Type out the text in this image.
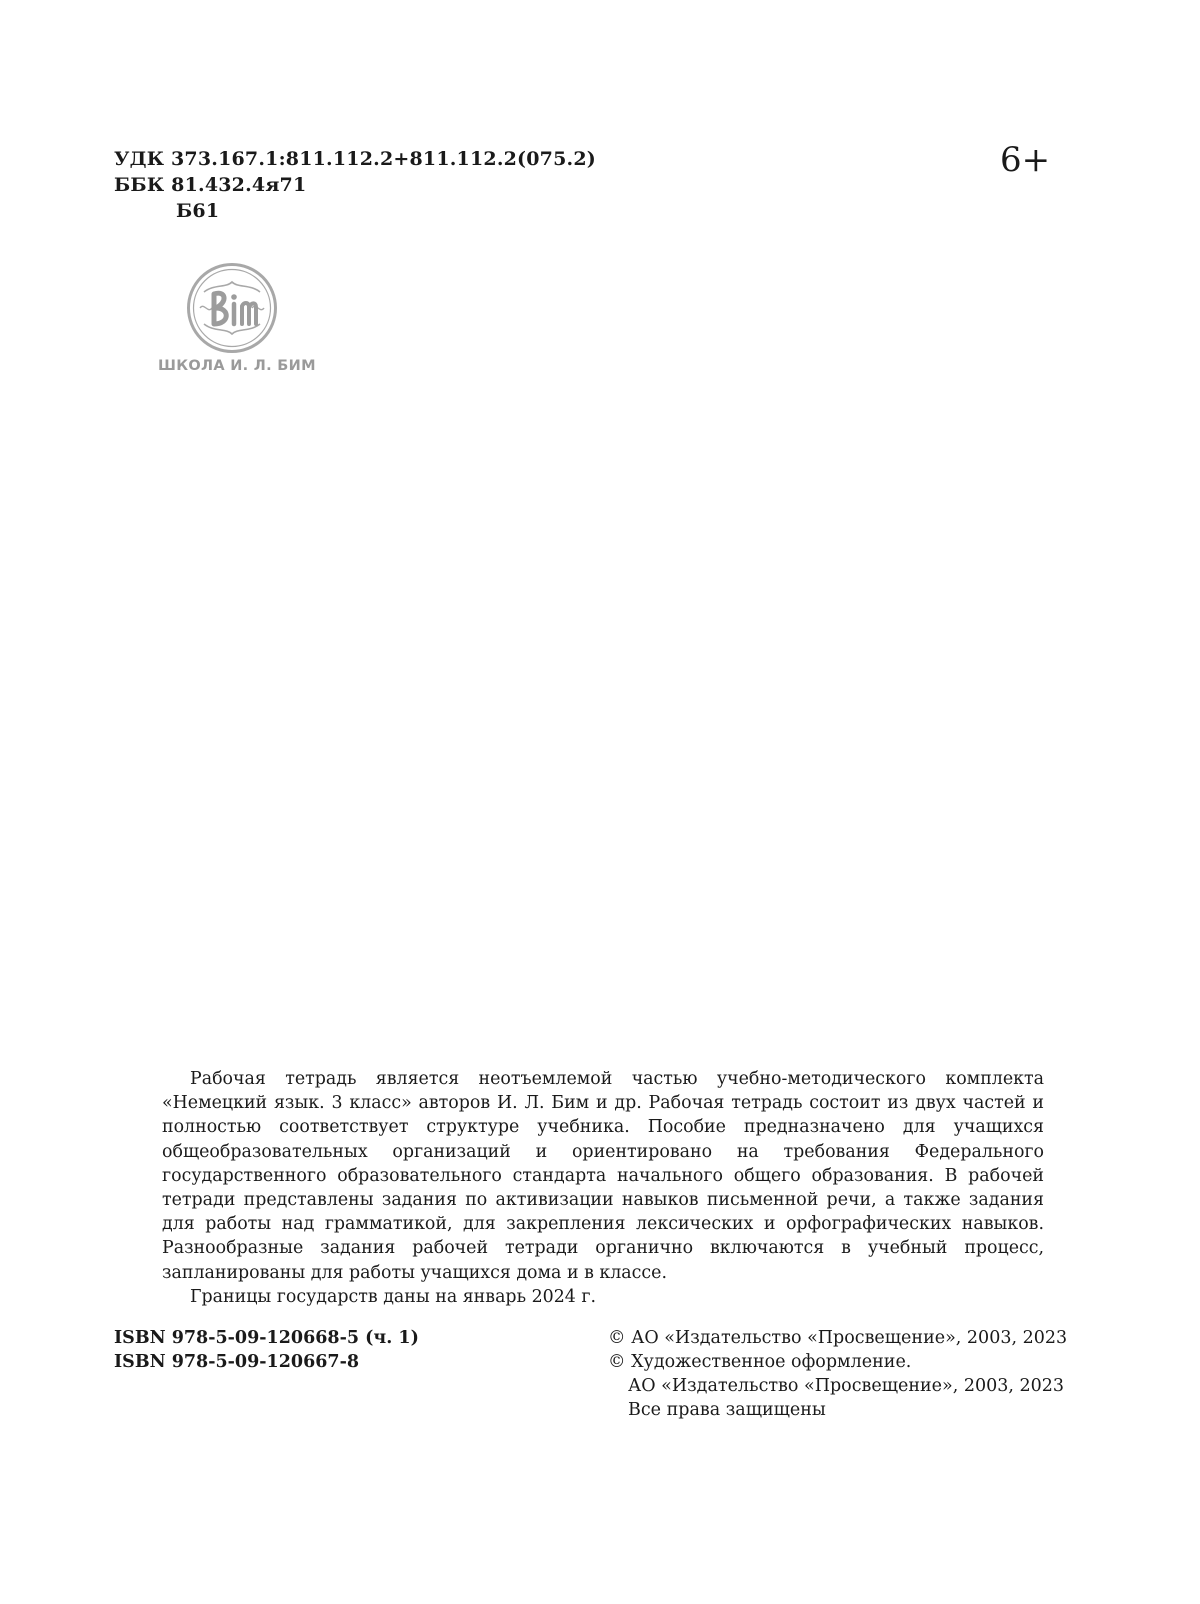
УДК 373.167.1:811.112.2+811.112.2(075.2)
ББК 81.432.4я71
Б61
6+
ШКОЛА И. Л. БИМ

Рабочая тетрадь является неотъемлемой частью учебно-методического комплекта «Немецкий язык. 3 класс» авторов И. Л. Бим и др. Рабочая тетрадь состоит из двух частей и полностью соответствует структуре учебника. Пособие предназначено для учащихся общеобразовательных организаций и ориентировано на требования Федерального государственного образовательного стандарта начального общего образования. В рабочей тетради представлены задания по активизации навыков письменной речи, а также задания для работы над грамматикой, для закрепления лексических и орфографических навыков. Разнообразные задания рабочей тетради органично включаются в учебный процесс, запланированы для работы учащихся дома и в классе.

Границы государств даны на январь 2024 г.

ISBN 978-5-09-120668-5 (ч. 1)
ISBN 978-5-09-120667-8
© АО «Издательство «Просвещение», 2003, 2023
© Художественное оформление.
АО «Издательство «Просвещение», 2003, 2023
Все права защищены
